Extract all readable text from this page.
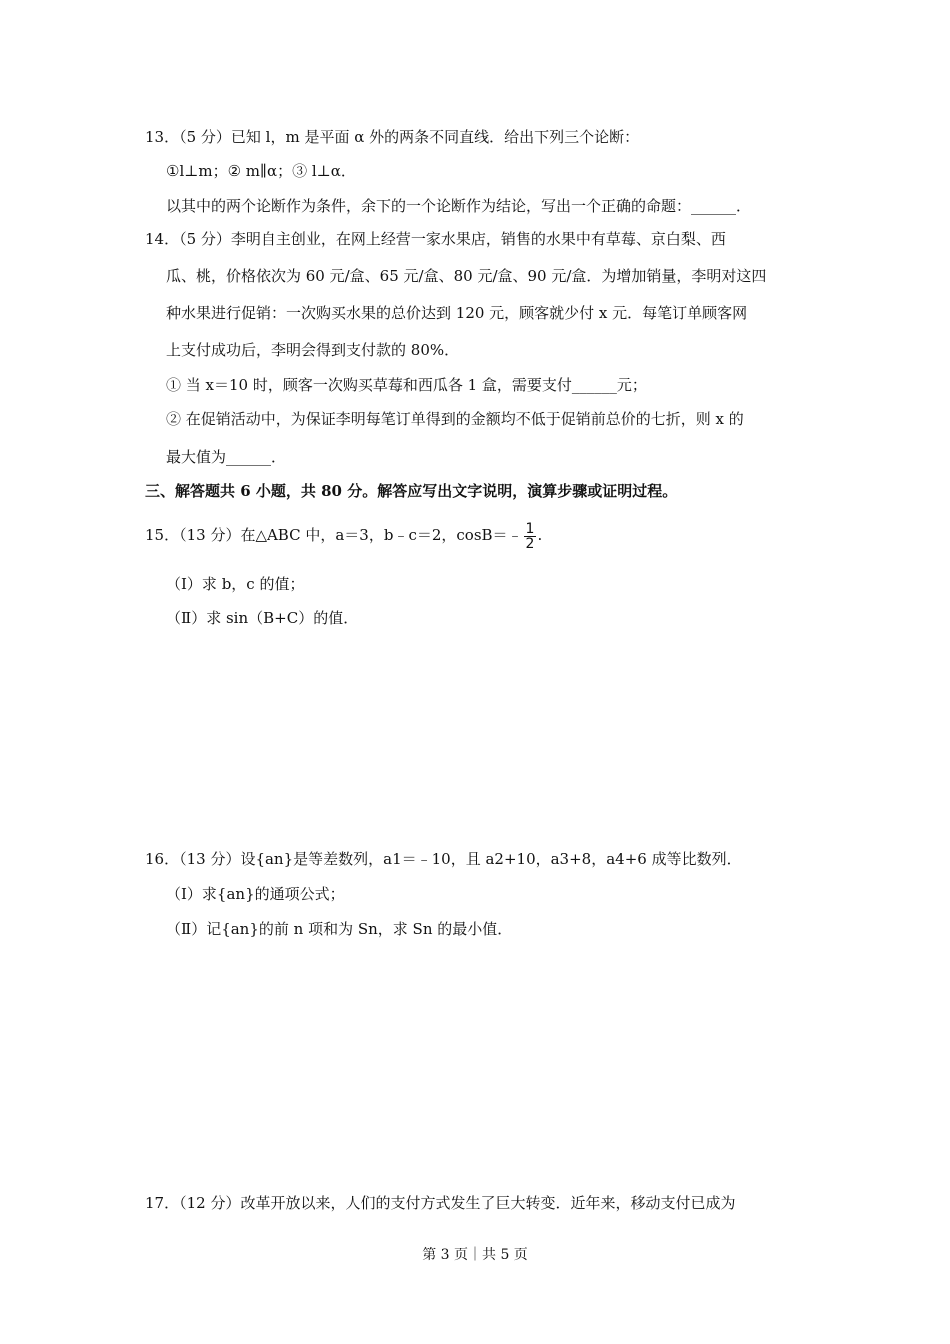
13．（5 分）已知 l，m 是平面 α 外的两条不同直线．给出下列三个论断：
①l⊥m；② m∥α；③ l⊥α．
以其中的两个论断作为条件，余下的一个论断作为结论，写出一个正确的命题：______．
14．（5 分）李明自主创业，在网上经营一家水果店，销售的水果中有草莓、京白梨、西
瓜、桃，价格依次为 60 元/盒、65 元/盒、80 元/盒、90 元/盒．为增加销量，李明对这四
种水果进行促销：一次购买水果的总价达到 120 元，顾客就少付 x 元．每笔订单顾客网
上支付成功后，李明会得到支付款的 80%．
① 当 x＝10 时，顾客一次购买草莓和西瓜各 1 盒，需要支付______元；
② 在促销活动中，为保证李明每笔订单得到的金额均不低于促销前总价的七折，则 x 的
最大值为______．
三、解答题共 6 小题，共 80 分。解答应写出文字说明，演算步骤或证明过程。
15．（13 分）在△ABC 中，a＝3，b﹣c＝2，cosB＝﹣ $\frac{1}{2}$ .
（Ⅰ）求 b，c 的值；
（Ⅱ）求 sin（B+C）的值．
16．（13 分）设{an}是等差数列，a1＝﹣10，且 a2+10，a3+8，a4+6 成等比数列．
（Ⅰ）求{an}的通项公式；
（Ⅱ）记{an}的前 n 项和为 Sn，求 Sn 的最小值．
17．（12 分）改革开放以来，人们的支付方式发生了巨大转变．近年来，移动支付已成为
第 3 页｜共 5 页
